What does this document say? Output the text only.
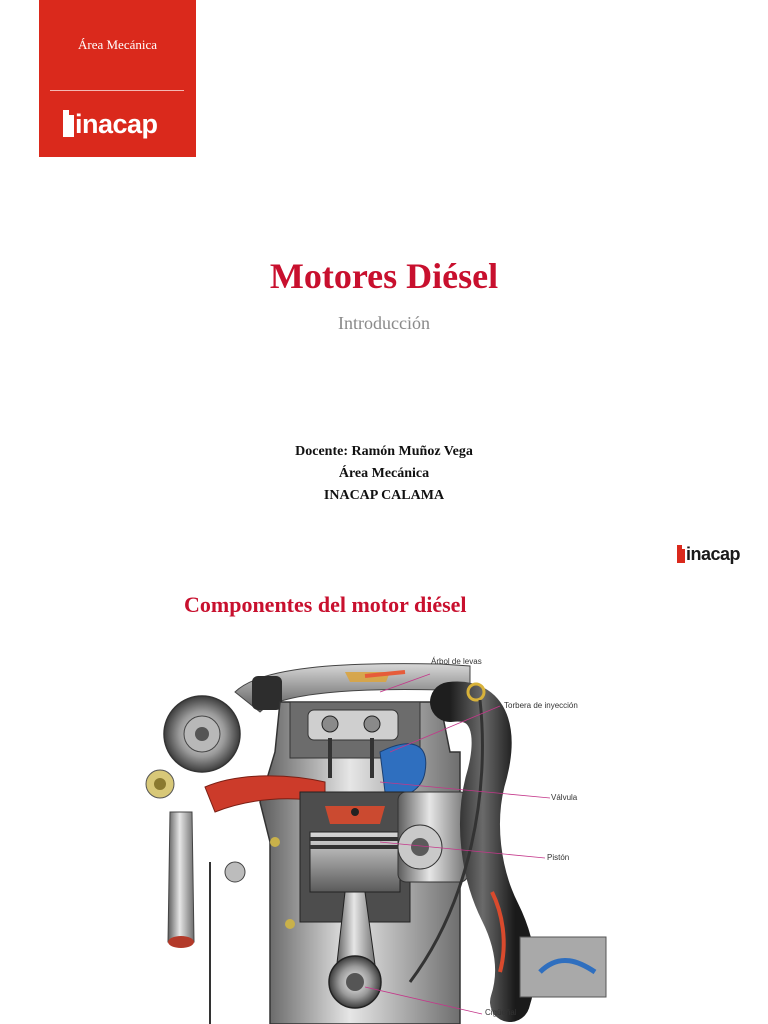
Área Mecánica
inacap
Motores Diésel
Introducción
Docente: Ramón Muñoz Vega
Área Mecánica
INACAP CALAMA
inacap
Componentes del motor diésel
Árbol de levas
Torbera de inyección
Válvula
Pistón
Cigüeñal
